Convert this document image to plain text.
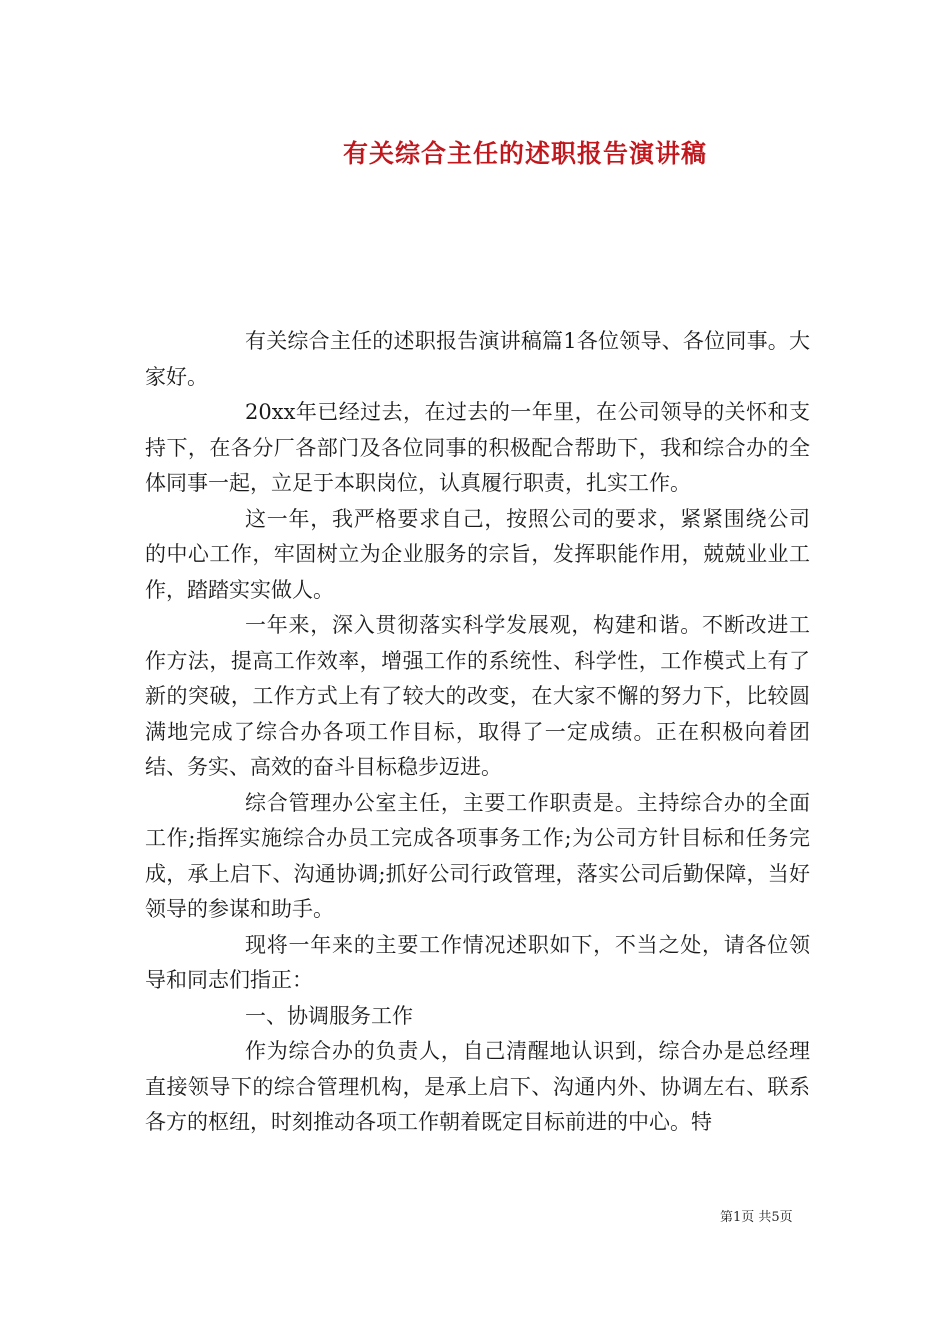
有关综合主任的述职报告演讲稿

有关综合主任的述职报告演讲稿篇1各位领导、各位同事。大家好。

20xx年已经过去，在过去的一年里，在公司领导的关怀和支持下，在各分厂各部门及各位同事的积极配合帮助下，我和综合办的全体同事一起，立足于本职岗位，认真履行职责，扎实工作。

这一年，我严格要求自己，按照公司的要求，紧紧围绕公司的中心工作，牢固树立为企业服务的宗旨，发挥职能作用，兢兢业业工作，踏踏实实做人。

一年来，深入贯彻落实科学发展观，构建和谐。不断改进工作方法，提高工作效率，增强工作的系统性、科学性，工作模式上有了新的突破，工作方式上有了较大的改变，在大家不懈的努力下，比较圆满地完成了综合办各项工作目标，取得了一定成绩。正在积极向着团结、务实、高效的奋斗目标稳步迈进。

综合管理办公室主任，主要工作职责是。主持综合办的全面工作;指挥实施综合办员工完成各项事务工作;为公司方针目标和任务完成，承上启下、沟通协调;抓好公司行政管理，落实公司后勤保障，当好领导的参谋和助手。

现将一年来的主要工作情况述职如下，不当之处，请各位领导和同志们指正：

一、协调服务工作

作为综合办的负责人，自己清醒地认识到，综合办是总经理直接领导下的综合管理机构，是承上启下、沟通内外、协调左右、联系各方的枢纽，时刻推动各项工作朝着既定目标前进的中心。特

第1页 共5页
